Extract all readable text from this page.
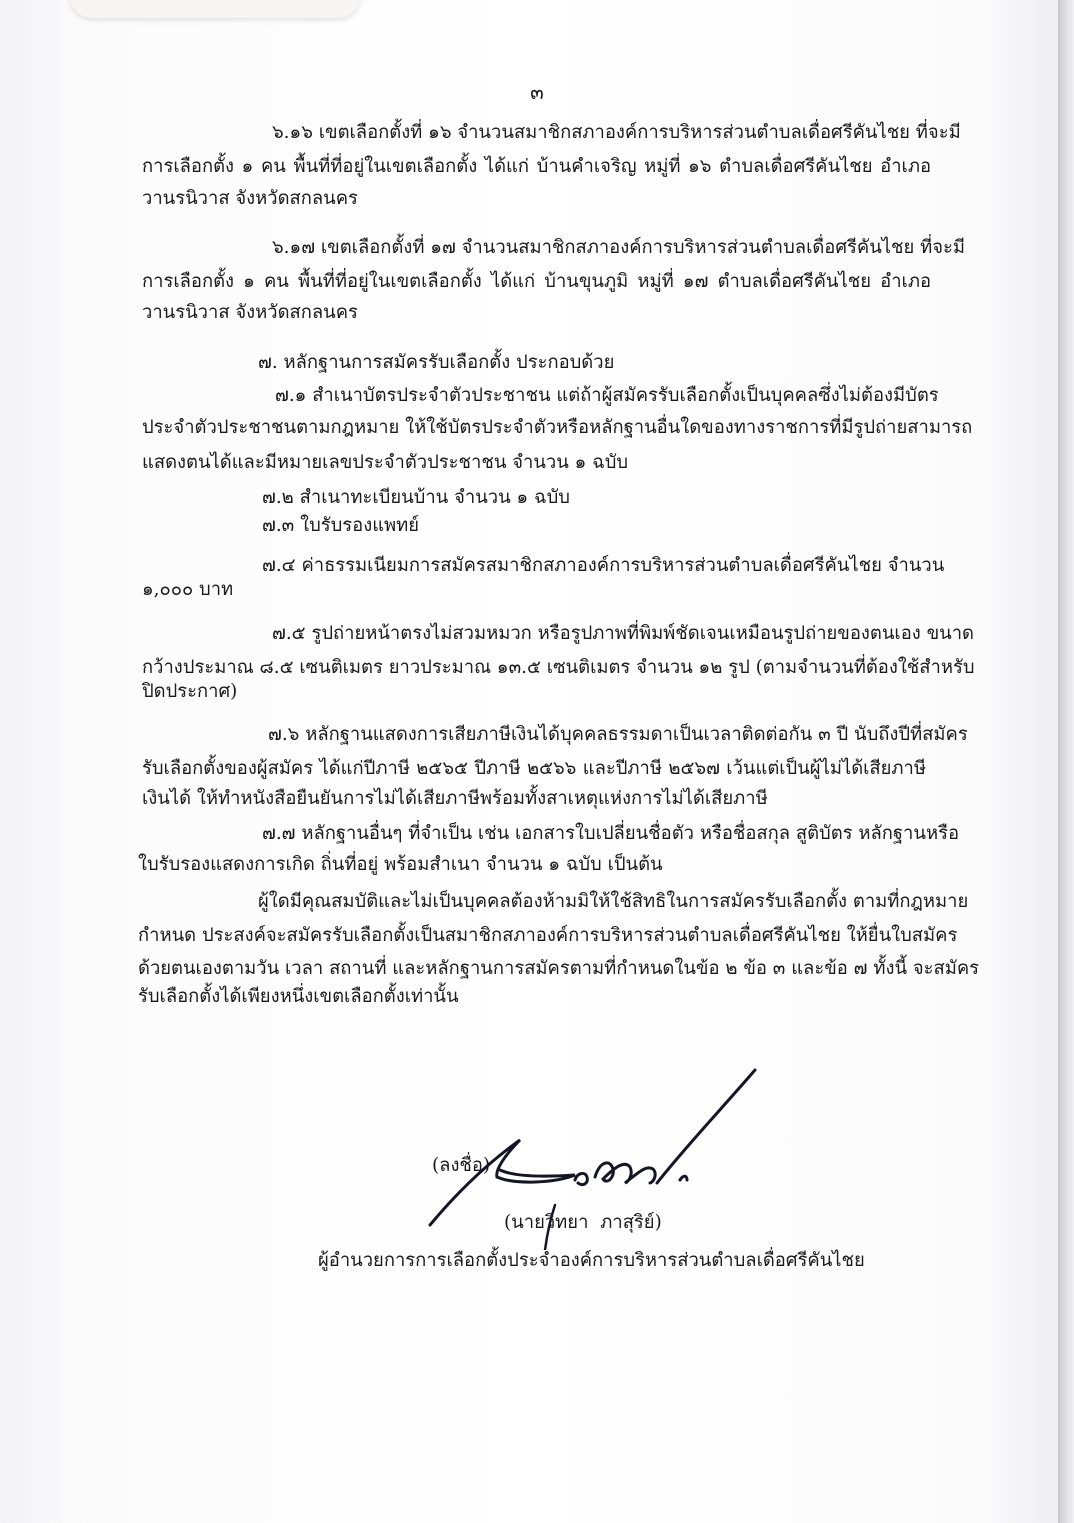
๓
๖.๑๖ เขตเลือกตั้งที่ ๑๖ จำนวนสมาชิกสภาองค์การบริหารส่วนตำบลเดื่อศรีคันไชย ที่จะมี
การเลือกตั้ง ๑ คน พื้นที่ที่อยู่ในเขตเลือกตั้ง ได้แก่ บ้านคำเจริญ หมู่ที่ ๑๖ ตำบลเดื่อศรีคันไชย อำเภอ
วานรนิวาส จังหวัดสกลนคร
๖.๑๗ เขตเลือกตั้งที่ ๑๗ จำนวนสมาชิกสภาองค์การบริหารส่วนตำบลเดื่อศรีคันไชย ที่จะมี
การเลือกตั้ง ๑ คน พื้นที่ที่อยู่ในเขตเลือกตั้ง ได้แก่ บ้านขุนภูมิ หมู่ที่ ๑๗ ตำบลเดื่อศรีคันไชย อำเภอ
วานรนิวาส จังหวัดสกลนคร
๗. หลักฐานการสมัครรับเลือกตั้ง ประกอบด้วย
๗.๑ สำเนาบัตรประจำตัวประชาชน แต่ถ้าผู้สมัครรับเลือกตั้งเป็นบุคคลซึ่งไม่ต้องมีบัตร
ประจำตัวประชาชนตามกฎหมาย ให้ใช้บัตรประจำตัวหรือหลักฐานอื่นใดของทางราชการที่มีรูปถ่ายสามารถ
แสดงตนได้และมีหมายเลขประจำตัวประชาชน จำนวน ๑ ฉบับ
๗.๒ สำเนาทะเบียนบ้าน จำนวน ๑ ฉบับ
๗.๓ ใบรับรองแพทย์
๗.๔ ค่าธรรมเนียมการสมัครสมาชิกสภาองค์การบริหารส่วนตำบลเดื่อศรีคันไชย จำนวน
๑,๐๐๐ บาท
๗.๕ รูปถ่ายหน้าตรงไม่สวมหมวก หรือรูปภาพที่พิมพ์ชัดเจนเหมือนรูปถ่ายของตนเอง ขนาด
กว้างประมาณ ๘.๕ เซนติเมตร ยาวประมาณ ๑๓.๕ เซนติเมตร จำนวน ๑๒ รูป (ตามจำนวนที่ต้องใช้สำหรับ
ปิดประกาศ)
๗.๖ หลักฐานแสดงการเสียภาษีเงินได้บุคคลธรรมดาเป็นเวลาติดต่อกัน ๓ ปี นับถึงปีที่สมัคร
รับเลือกตั้งของผู้สมัคร ได้แก่ปีภาษี ๒๕๖๕ ปีภาษี ๒๕๖๖ และปีภาษี ๒๕๖๗ เว้นแต่เป็นผู้ไม่ได้เสียภาษี
เงินได้ ให้ทำหนังสือยืนยันการไม่ได้เสียภาษีพร้อมทั้งสาเหตุแห่งการไม่ได้เสียภาษี
๗.๗ หลักฐานอื่นๆ ที่จำเป็น เช่น เอกสารใบเปลี่ยนชื่อตัว หรือชื่อสกุล สูติบัตร หลักฐานหรือ
ใบรับรองแสดงการเกิด ถิ่นที่อยู่ พร้อมสำเนา จำนวน ๑ ฉบับ เป็นต้น
ผู้ใดมีคุณสมบัติและไม่เป็นบุคคลต้องห้ามมิให้ใช้สิทธิในการสมัครรับเลือกตั้ง ตามที่กฎหมาย
กำหนด ประสงค์จะสมัครรับเลือกตั้งเป็นสมาชิกสภาองค์การบริหารส่วนตำบลเดื่อศรีคันไชย ให้ยื่นใบสมัคร
ด้วยตนเองตามวัน เวลา สถานที่ และหลักฐานการสมัครตามที่กำหนดในข้อ ๒ ข้อ ๓ และข้อ ๗ ทั้งนี้ จะสมัคร
รับเลือกตั้งได้เพียงหนึ่งเขตเลือกตั้งเท่านั้น
(ลงชื่อ)
(นายวิทยา ภาสุริย์)
ผู้อำนวยการการเลือกตั้งประจำองค์การบริหารส่วนตำบลเดื่อศรีคันไชย
